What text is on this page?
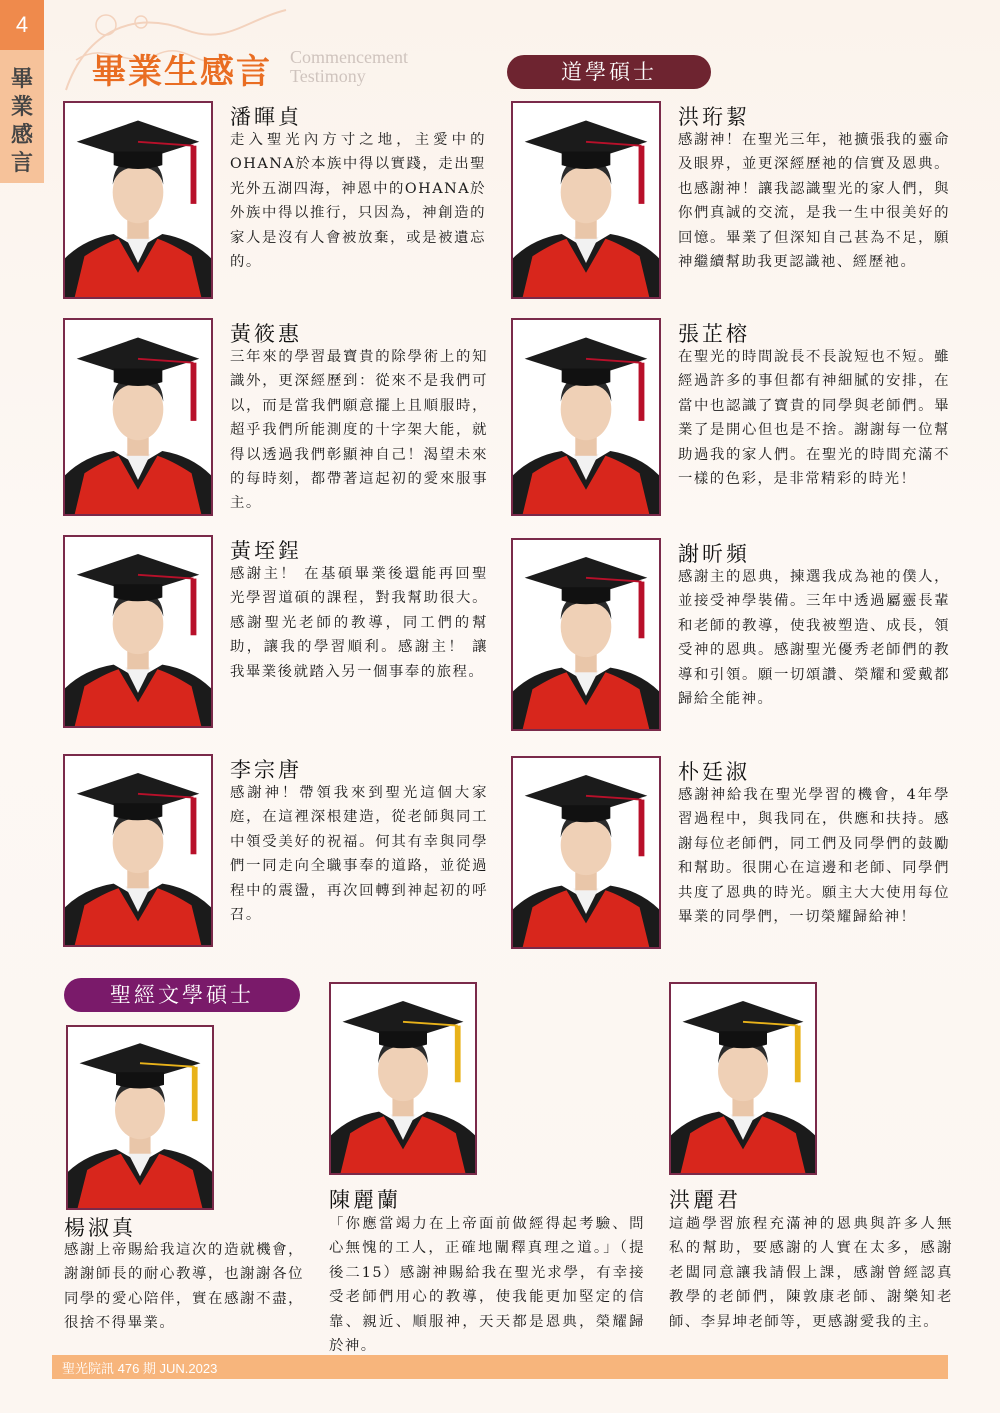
4
畢
業
感
言
畢業生感言 Commencement
Testimony	道學碩士
聖經文學碩士
潘暉貞
走入聖光內方寸之地，主愛中的OHANA於本族中得以實踐，走出聖光外五湖四海，神恩中的OHANA於外族中得以推行，只因為，神創造的家人是沒有人會被放棄，或是被遺忘的。
黃筱惠
三年來的學習最寶貴的除學術上的知識外，更深經歷到：從來不是我們可以，而是當我們願意擺上且順服時，超乎我們所能測度的十字架大能，就得以透過我們彰顯神自己！渴望未來的每時刻，都帶著這起初的愛來服事主。
黃垤鋥
感謝主！ 在基碩畢業後還能再回聖光學習道碩的課程，對我幫助很大。感謝聖光老師的教導，同工們的幫助，讓我的學習順利。感謝主！ 讓我畢業後就踏入另一個事奉的旅程。
李宗唐
感謝神！帶領我來到聖光這個大家庭，在這裡深根建造，從老師與同工中領受美好的祝福。何其有幸與同學們一同走向全職事奉的道路，並從過程中的震盪，再次回轉到神起初的呼召。
洪珩絜
感謝神！在聖光三年，祂擴張我的靈命及眼界，並更深經歷祂的信實及恩典。也感謝神！讓我認識聖光的家人們，與你們真誠的交流，是我一生中很美好的回憶。畢業了但深知自己甚為不足，願神繼續幫助我更認識祂、經歷祂。
張芷榕
在聖光的時間說長不長說短也不短。雖經過許多的事但都有神細膩的安排，在當中也認識了寶貴的同學與老師們。畢業了是開心但也是不捨。謝謝每一位幫助過我的家人們。在聖光的時間充滿不一樣的色彩，是非常精彩的時光！
謝昕頻
感謝主的恩典，揀選我成為祂的僕人，並接受神學裝備。三年中透過屬靈長輩和老師的教導，使我被塑造、成長，領受神的恩典。感謝聖光優秀老師們的教導和引領。願一切頌讚、榮耀和愛戴都歸給全能神。
朴廷淑
感謝神給我在聖光學習的機會，4年學習過程中，與我同在，供應和扶持。感謝每位老師們，同工們及同學們的鼓勵和幫助。很開心在這邊和老師、同學們共度了恩典的時光。願主大大使用每位畢業的同學們，一切榮耀歸給神！
楊淑真
感謝上帝賜給我這次的造就機會，謝謝師長的耐心教導，也謝謝各位同學的愛心陪伴，實在感謝不盡，很捨不得畢業。
陳麗蘭
「你應當竭力在上帝面前做經得起考驗、問心無愧的工人，正確地闡釋真理之道。」（提後二15）感謝神賜給我在聖光求學，有幸接受老師們用心的教導，使我能更加堅定的信靠、親近、順服神，天天都是恩典，榮耀歸於神。
洪麗君
這趟學習旅程充滿神的恩典與許多人無私的幫助，要感謝的人實在太多，感謝老闆同意讓我請假上課，感謝曾經認真教學的老師們，陳敦康老師、謝樂知老師、李昇坤老師等，更感謝愛我的主。
聖光院訊 476 期 JUN.2023
